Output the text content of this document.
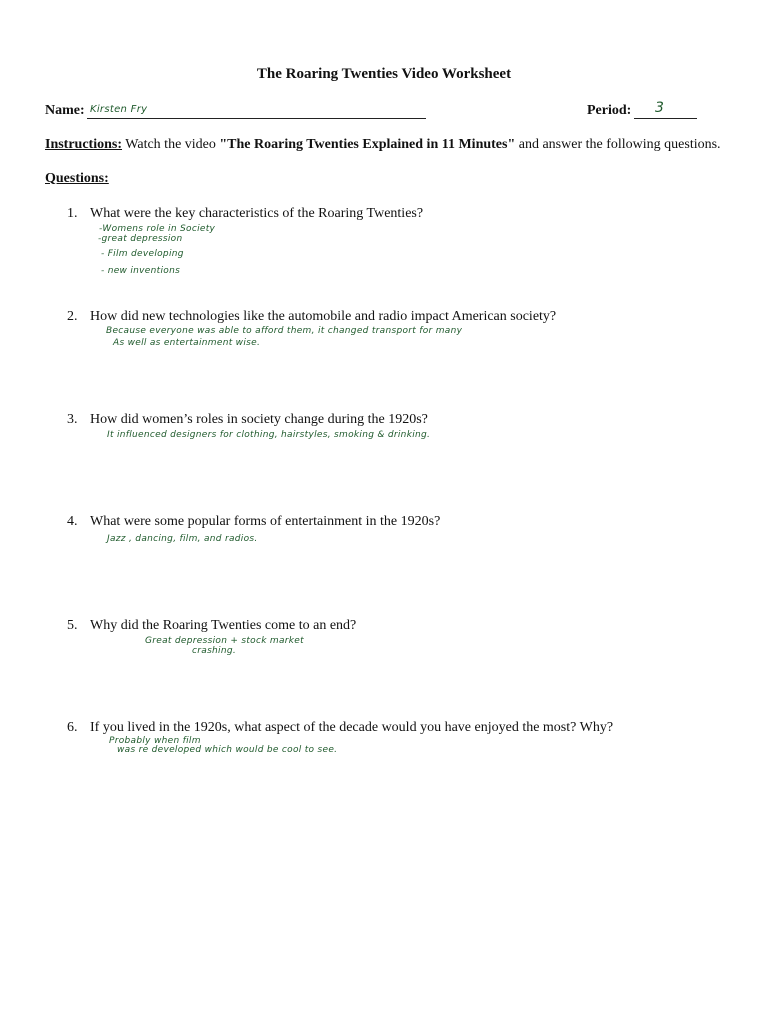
The Roaring Twenties Video Worksheet
Name: Kirsten Fry	Period: 3
Instructions: Watch the video "The Roaring Twenties Explained in 11 Minutes" and answer the following questions.
Questions:
1. What were the key characteristics of the Roaring Twenties?
-Womens role in Society
-great depression
- Film developing
- new inventions
2. How did new technologies like the automobile and radio impact American society?
Because everyone was able to afford them, it changed transport for many
As well as entertainment wise.
3. How did women’s roles in society change during the 1920s?
It influenced designers for clothing, hairstyles, smoking & drinking.
4. What were some popular forms of entertainment in the 1920s?
Jazz , dancing, film, and radios.
5. Why did the Roaring Twenties come to an end?
Great depression + stock market
crashing.
6. If you lived in the 1920s, what aspect of the decade would you have enjoyed the most? Why?
Probably when film
was re developed which would be cool to see.
